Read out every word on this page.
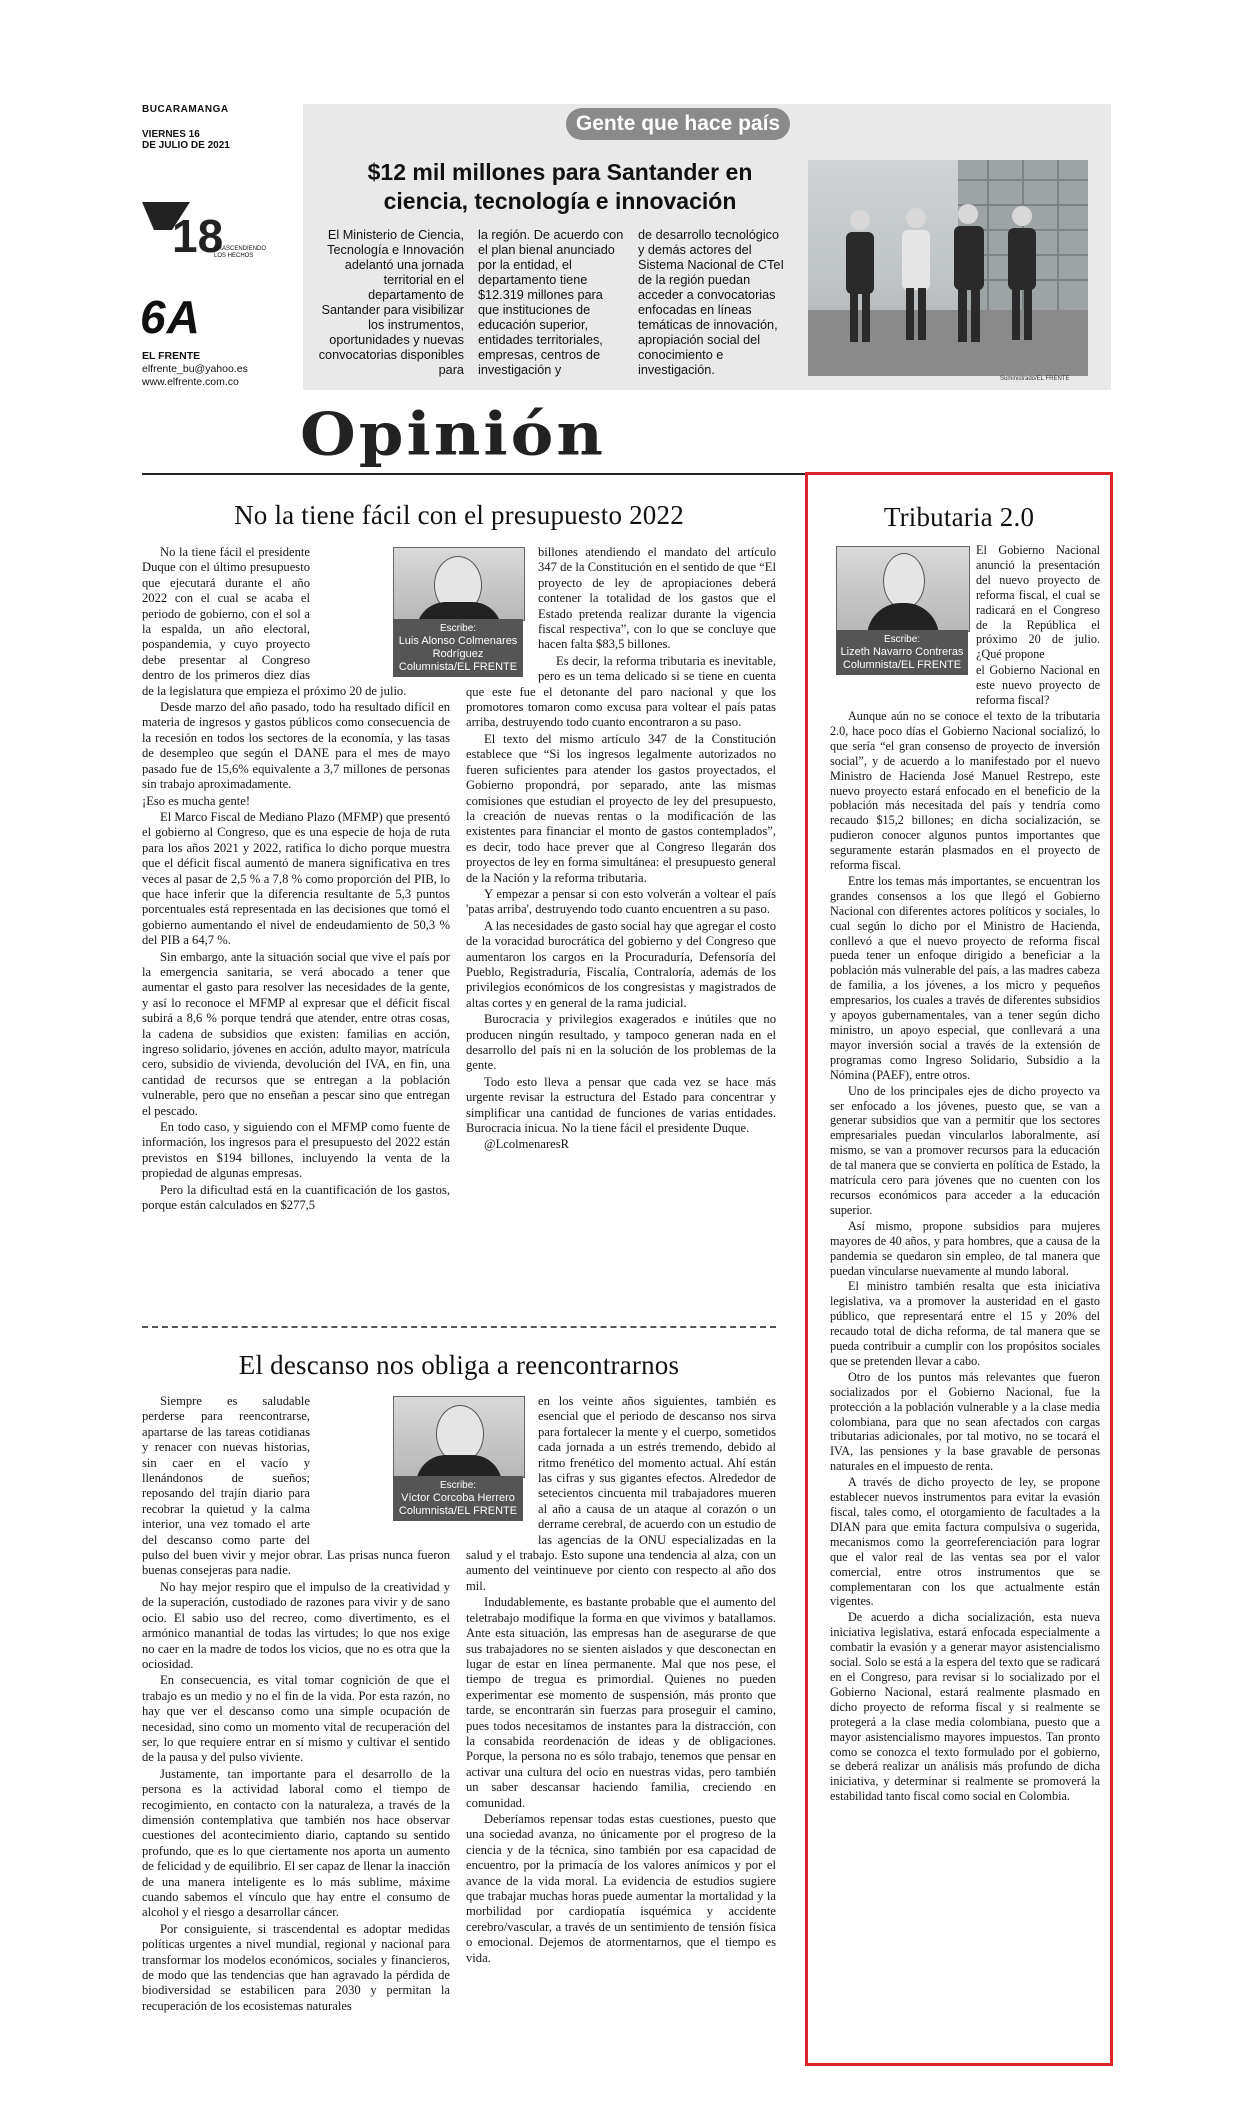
BUCARAMANGA
VIERNES 16
DE JULIO DE 2021
18
TRASCENDIENDO LOS HECHOS
6A
EL FRENTE
elfrente_bu@yahoo.es
www.elfrente.com.co
Gente que hace país
$12 mil millones para Santander en ciencia, tecnología e innovación
El Ministerio de Ciencia, Tecnología e Innovación adelantó una jornada territorial en el departamento de Santander para visibilizar los instrumentos, oportunidades y nuevas convocatorias disponibles para
la región. De acuerdo con el plan bienal anunciado por la entidad, el departamento tiene $12.319 millones para que instituciones de educación superior, entidades territoriales, empresas, centros de investigación y
de desarrollo tecnológico y demás actores del Sistema Nacional de CTeI de la región puedan acceder a convocatorias enfocadas en líneas temáticas de innovación, apropiación social del conocimiento e investigación.
Suministrado/EL FRENTE
Opinión
No la tiene fácil con el presupuesto 2022
Escribe:
Luis Alonso Colmenares Rodríguez
Columnista/EL FRENTE

No la tiene fácil el presidente Duque con el último presupuesto que ejecutará durante el año 2022 con el cual se acaba el periodo de gobierno, con el sol a la espalda, un año electoral, pospandemia, y cuyo proyecto debe presentar al Congreso dentro de los primeros diez días de la legislatura que empieza el próximo 20 de julio.

Desde marzo del año pasado, todo ha resultado difícil en materia de ingresos y gastos públicos como consecuencia de la recesión en todos los sectores de la economía, y las tasas de desempleo que según el DANE para el mes de mayo pasado fue de 15,6% equivalente a 3,7 millones de personas sin trabajo aproximadamente.

¡Eso es mucha gente!

El Marco Fiscal de Mediano Plazo (MFMP) que presentó el gobierno al Congreso, que es una especie de hoja de ruta para los años 2021 y 2022, ratifica lo dicho porque muestra que el déficit fiscal aumentó de manera significativa en tres veces al pasar de 2,5 % a 7,8 % como proporción del PIB, lo que hace inferir que la diferencia resultante de 5,3 puntos porcentuales está representada en las decisiones que tomó el gobierno aumentando el nivel de endeudamiento de 50,3 % del PIB a 64,7 %.

Sin embargo, ante la situación social que vive el país por la emergencia sanitaria, se verá abocado a tener que aumentar el gasto para resolver las necesidades de la gente, y así lo reconoce el MFMP al expresar que el déficit fiscal subirá a 8,6 % porque tendrá que atender, entre otras cosas, la cadena de subsidios que existen: familias en acción, ingreso solidario, jóvenes en acción, adulto mayor, matrícula cero, subsidio de vivienda, devolución del IVA, en fin, una cantidad de recursos que se entregan a la población vulnerable, pero que no enseñan a pescar sino que entregan el pescado.

En todo caso, y siguiendo con el MFMP como fuente de información, los ingresos para el presupuesto del 2022 están previstos en $194 billones, incluyendo la venta de la propiedad de algunas empresas.

Pero la dificultad está en la cuantificación de los gastos, porque están calculados en $277,5

billones atendiendo el mandato del artículo 347 de la Constitución en el sentido de que “El proyecto de ley de apropiaciones deberá contener la totalidad de los gastos que el Estado pretenda realizar durante la vigencia fiscal respectiva”, con lo que se concluye que hacen falta $83,5 billones.

Es decir, la reforma tributaria es inevitable, pero es un tema delicado si se tiene en cuenta que este fue el detonante del paro nacional y que los promotores tomaron como excusa para voltear el país patas arriba, destruyendo todo cuanto encontraron a su paso.

El texto del mismo artículo 347 de la Constitución establece que “Si los ingresos legalmente autorizados no fueren suficientes para atender los gastos proyectados, el Gobierno propondrá, por separado, ante las mismas comisiones que estudian el proyecto de ley del presupuesto, la creación de nuevas rentas o la modificación de las existentes para financiar el monto de gastos contemplados”, es decir, todo hace prever que al Congreso llegarán dos proyectos de ley en forma simultánea: el presupuesto general de la Nación y la reforma tributaria.

Y empezar a pensar si con esto volverán a voltear el país 'patas arriba', destruyendo todo cuanto encuentren a su paso.

A las necesidades de gasto social hay que agregar el costo de la voracidad burocrática del gobierno y del Congreso que aumentaron los cargos en la Procuraduría, Defensoría del Pueblo, Registraduría, Fiscalía, Contraloría, además de los privilegios económicos de los congresistas y magistrados de altas cortes y en general de la rama judicial.

Burocracia y privilegios exagerados e inútiles que no producen ningún resultado, y tampoco generan nada en el desarrollo del país ni en la solución de los problemas de la gente.

Todo esto lleva a pensar que cada vez se hace más urgente revisar la estructura del Estado para concentrar y simplificar una cantidad de funciones de varias entidades. Burocracia inicua. No la tiene fácil el presidente Duque.

@LcolmenaresR

El descanso nos obliga a reencontrarnos
Escribe:
Víctor Corcoba Herrero
Columnista/EL FRENTE

Siempre es saludable perderse para reencontrarse, apartarse de las tareas cotidianas y renacer con nuevas historias, sin caer en el vacío y llenándonos de sueños; reposando del trajín diario para recobrar la quietud y la calma interior, una vez tomado el arte del descanso como parte del pulso del buen vivir y mejor obrar. Las prisas nunca fueron buenas consejeras para nadie.

No hay mejor respiro que el impulso de la creatividad y de la superación, custodiado de razones para vivir y de sano ocio. El sabio uso del recreo, como divertimento, es el armónico manantial de todas las virtudes; lo que nos exige no caer en la madre de todos los vicios, que no es otra que la ociosidad.

En consecuencia, es vital tomar cognición de que el trabajo es un medio y no el fin de la vida. Por esta razón, no hay que ver el descanso como una simple ocupación de necesidad, sino como un momento vital de recuperación del ser, lo que requiere entrar en sí mismo y cultivar el sentido de la pausa y del pulso viviente.

Justamente, tan importante para el desarrollo de la persona es la actividad laboral como el tiempo de recogimiento, en contacto con la naturaleza, a través de la dimensión contemplativa que también nos hace observar cuestiones del acontecimiento diario, captando su sentido profundo, que es lo que ciertamente nos aporta un aumento de felicidad y de equilibrio. El ser capaz de llenar la inacción de una manera inteligente es lo más sublime, máxime cuando sabemos el vínculo que hay entre el consumo de alcohol y el riesgo a desarrollar cáncer.

Por consiguiente, si trascendental es adoptar medidas políticas urgentes a nivel mundial, regional y nacional para transformar los modelos económicos, sociales y financieros, de modo que las tendencias que han agravado la pérdida de biodiversidad se estabilicen para 2030 y permitan la recuperación de los ecosistemas naturales

en los veinte años siguientes, también es esencial que el periodo de descanso nos sirva para fortalecer la mente y el cuerpo, sometidos cada jornada a un estrés tremendo, debido al ritmo frenético del momento actual. Ahí están las cifras y sus gigantes efectos. Alrededor de setecientos cincuenta mil trabajadores mueren al año a causa de un ataque al corazón o un derrame cerebral, de acuerdo con un estudio de las agencias de la ONU especializadas en la salud y el trabajo. Esto supone una tendencia al alza, con un aumento del veintinueve por ciento con respecto al año dos mil.

Indudablemente, es bastante probable que el aumento del teletrabajo modifique la forma en que vivimos y batallamos. Ante esta situación, las empresas han de asegurarse de que sus trabajadores no se sienten aislados y que desconectan en lugar de estar en línea permanente. Mal que nos pese, el tiempo de tregua es primordial. Quienes no pueden experimentar ese momento de suspensión, más pronto que tarde, se encontrarán sin fuerzas para proseguir el camino, pues todos necesitamos de instantes para la distracción, con la consabida reordenación de ideas y de obligaciones. Porque, la persona no es sólo trabajo, tenemos que pensar en activar una cultura del ocio en nuestras vidas, pero también un saber descansar haciendo familia, creciendo en comunidad.

Deberíamos repensar todas estas cuestiones, puesto que una sociedad avanza, no únicamente por el progreso de la ciencia y de la técnica, sino también por esa capacidad de encuentro, por la primacía de los valores anímicos y por el avance de la vida moral. La evidencia de estudios sugiere que trabajar muchas horas puede aumentar la mortalidad y la morbilidad por cardiopatía isquémica y accidente cerebro/vascular, a través de un sentimiento de tensión física o emocional. Dejemos de atormentarnos, que el tiempo es vida.

Tributaria 2.0
Escribe:
Lizeth Navarro Contreras
Columnista/EL FRENTE

El Gobierno Nacional anunció la presentación del nuevo proyecto de reforma fiscal, el cual se radicará en el Congreso de la República el próximo 20 de julio. ¿Qué propone

el Gobierno Nacional en este nuevo proyecto de reforma fiscal?

Aunque aún no se conoce el texto de la tributaria 2.0, hace poco días el Gobierno Nacional socializó, lo que sería “el gran consenso de proyecto de inversión social”, y de acuerdo a lo manifestado por el nuevo Ministro de Hacienda José Manuel Restrepo, este nuevo proyecto estará enfocado en el beneficio de la población más necesitada del país y tendría como recaudo $15,2 billones; en dicha socialización, se pudieron conocer algunos puntos importantes que seguramente estarán plasmados en el proyecto de reforma fiscal.

Entre los temas más importantes, se encuentran los grandes consensos a los que llegó el Gobierno Nacional con diferentes actores políticos y sociales, lo cual según lo dicho por el Ministro de Hacienda, conllevó a que el nuevo proyecto de reforma fiscal pueda tener un enfoque dirigido a beneficiar a la población más vulnerable del país, a las madres cabeza de familia, a los jóvenes, a los micro y pequeños empresarios, los cuales a través de diferentes subsidios y apoyos gubernamentales, van a tener según dicho ministro, un apoyo especial, que conllevará a una mayor inversión social a través de la extensión de programas como Ingreso Solidario, Subsidio a la Nómina (PAEF), entre otros.

Uno de los principales ejes de dicho proyecto va ser enfocado a los jóvenes, puesto que, se van a generar subsidios que van a permitir que los sectores empresariales puedan vincularlos laboralmente, así mismo, se van a promover recursos para la educación de tal manera que se convierta en política de Estado, la matrícula cero para jóvenes que no cuenten con los recursos económicos para acceder a la educación superior.

Así mismo, propone subsidios para mujeres mayores de 40 años, y para hombres, que a causa de la pandemia se quedaron sin empleo, de tal manera que puedan vincularse nuevamente al mundo laboral.

El ministro también resalta que esta iniciativa legislativa, va a promover la austeridad en el gasto público, que representará entre el 15 y 20% del recaudo total de dicha reforma, de tal manera que se pueda contribuir a cumplir con los propósitos sociales que se pretenden llevar a cabo.

Otro de los puntos más relevantes que fueron socializados por el Gobierno Nacional, fue la protección a la población vulnerable y a la clase media colombiana, para que no sean afectados con cargas tributarias adicionales, por tal motivo, no se tocará el IVA, las pensiones y la base gravable de personas naturales en el impuesto de renta.

A través de dicho proyecto de ley, se propone establecer nuevos instrumentos para evitar la evasión fiscal, tales como, el otorgamiento de facultades a la DIAN para que emita factura compulsiva o sugerida, mecanismos como la georreferenciación para lograr que el valor real de las ventas sea por el valor comercial, entre otros instrumentos que se complementaran con los que actualmente están vigentes.

De acuerdo a dicha socialización, esta nueva iniciativa legislativa, estará enfocada especialmente a combatir la evasión y a generar mayor asistencialismo social. Solo se está a la espera del texto que se radicará en el Congreso, para revisar si lo socializado por el Gobierno Nacional, estará realmente plasmado en dicho proyecto de reforma fiscal y si realmente se protegerá a la clase media colombiana, puesto que a mayor asistencialismo mayores impuestos. Tan pronto como se conozca el texto formulado por el gobierno, se deberá realizar un análisis más profundo de dicha iniciativa, y determinar si realmente se promoverá la estabilidad tanto fiscal como social en Colombia.
